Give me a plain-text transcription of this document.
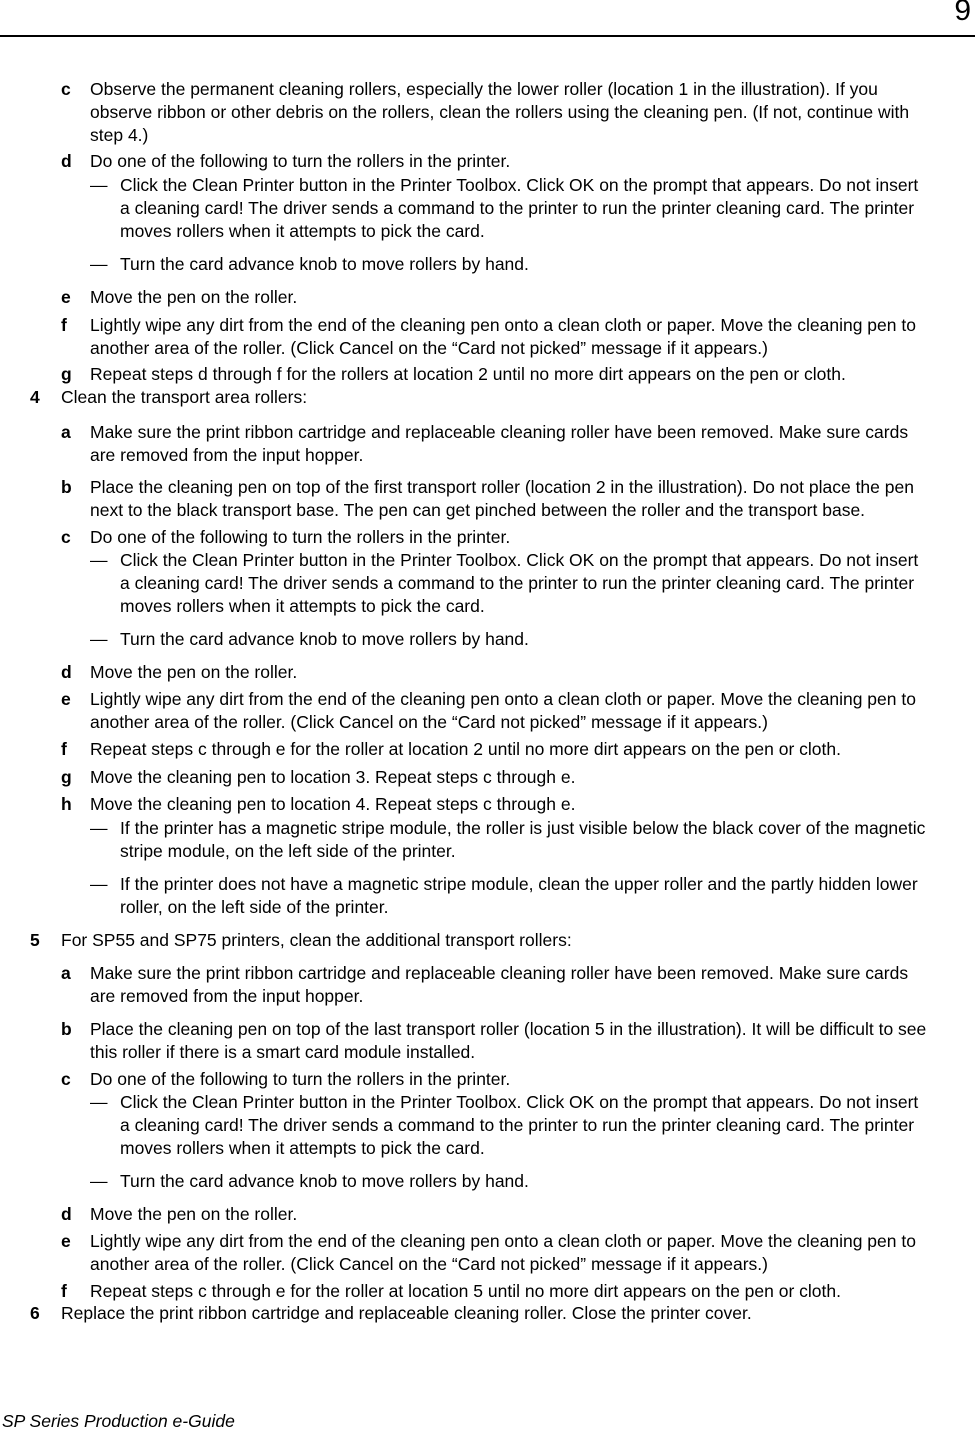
9
c Observe the permanent cleaning rollers, especially the lower roller (location 1 in the illustration). If you
observe ribbon or other debris on the rollers, clean the rollers using the cleaning pen. (If not, continue with
step 4.)
d Do one of the following to turn the rollers in the printer.
— Click the Clean Printer button in the Printer Toolbox. Click OK on the prompt that appears. Do not insert
a cleaning card! The driver sends a command to the printer to run the printer cleaning card. The printer
moves rollers when it attempts to pick the card.
— Turn the card advance knob to move rollers by hand.
e Move the pen on the roller.
f Lightly wipe any dirt from the end of the cleaning pen onto a clean cloth or paper. Move the cleaning pen to
another area of the roller. (Click Cancel on the “Card not picked” message if it appears.)
g Repeat steps d through f for the rollers at location 2 until no more dirt appears on the pen or cloth.
4 Clean the transport area rollers:
a Make sure the print ribbon cartridge and replaceable cleaning roller have been removed. Make sure cards
are removed from the input hopper.
b Place the cleaning pen on top of the first transport roller (location 2 in the illustration). Do not place the pen
next to the black transport base. The pen can get pinched between the roller and the transport base.
c Do one of the following to turn the rollers in the printer.
— Click the Clean Printer button in the Printer Toolbox. Click OK on the prompt that appears. Do not insert
a cleaning card! The driver sends a command to the printer to run the printer cleaning card. The printer
moves rollers when it attempts to pick the card.
— Turn the card advance knob to move rollers by hand.
d Move the pen on the roller.
e Lightly wipe any dirt from the end of the cleaning pen onto a clean cloth or paper. Move the cleaning pen to
another area of the roller. (Click Cancel on the “Card not picked” message if it appears.)
f Repeat steps c through e for the roller at location 2 until no more dirt appears on the pen or cloth.
g Move the cleaning pen to location 3. Repeat steps c through e.
h Move the cleaning pen to location 4. Repeat steps c through e.
— If the printer has a magnetic stripe module, the roller is just visible below the black cover of the magnetic
stripe module, on the left side of the printer.
— If the printer does not have a magnetic stripe module, clean the upper roller and the partly hidden lower
roller, on the left side of the printer.
5 For SP55 and SP75 printers, clean the additional transport rollers:
a Make sure the print ribbon cartridge and replaceable cleaning roller have been removed. Make sure cards
are removed from the input hopper.
b Place the cleaning pen on top of the last transport roller (location 5 in the illustration). It will be difficult to see
this roller if there is a smart card module installed.
c Do one of the following to turn the rollers in the printer.
— Click the Clean Printer button in the Printer Toolbox. Click OK on the prompt that appears. Do not insert
a cleaning card! The driver sends a command to the printer to run the printer cleaning card. The printer
moves rollers when it attempts to pick the card.
— Turn the card advance knob to move rollers by hand.
d Move the pen on the roller.
e Lightly wipe any dirt from the end of the cleaning pen onto a clean cloth or paper. Move the cleaning pen to
another area of the roller. (Click Cancel on the “Card not picked” message if it appears.)
f Repeat steps c through e for the roller at location 5 until no more dirt appears on the pen or cloth.
6 Replace the print ribbon cartridge and replaceable cleaning roller. Close the printer cover.
SP Series Production e-Guide
